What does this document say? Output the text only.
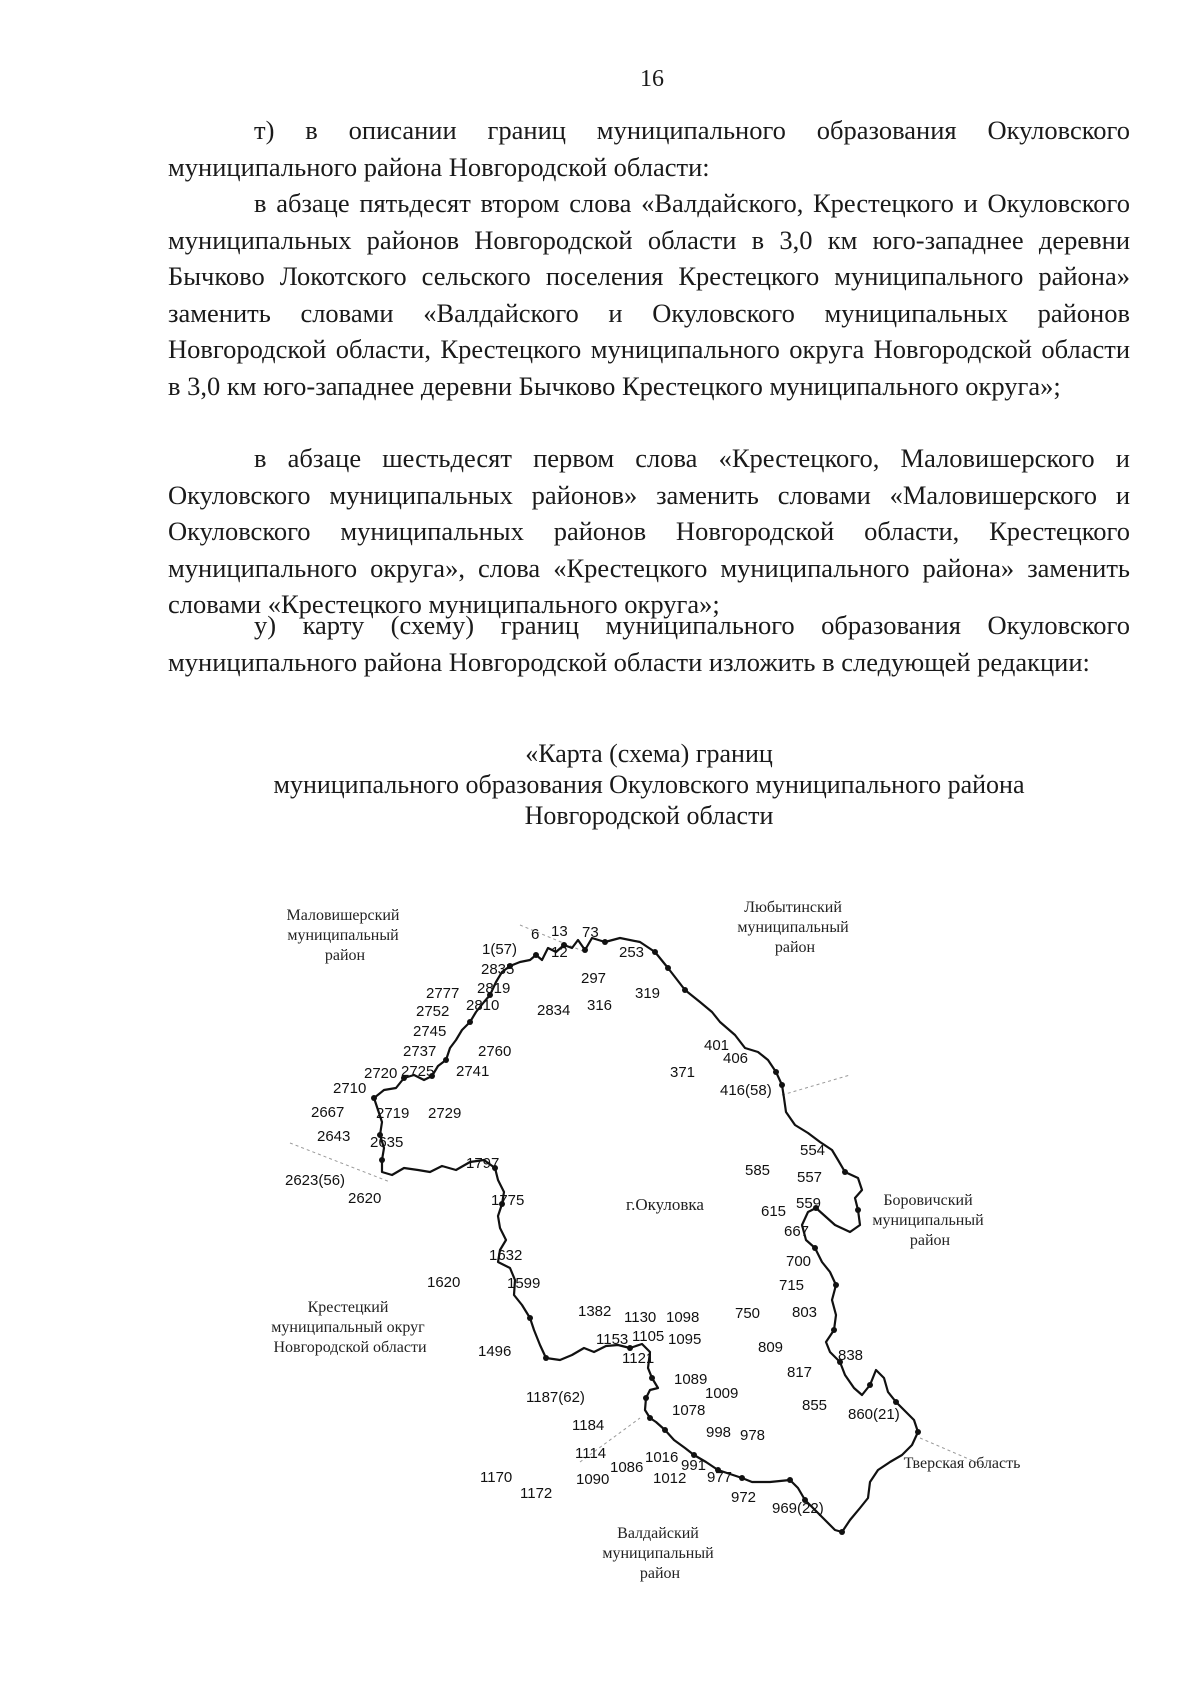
16

т) в описании границ муниципального образования Окуловского муниципального района Новгородской области:

в абзаце пятьдесят втором слова «Валдайского, Крестецкого и Окуловского муниципальных районов Новгородской области в 3,0 км юго-западнее деревни Бычково Локотского сельского поселения Крестецкого муниципального района» заменить словами «Валдайского и Окуловского муниципальных районов Новгородской области, Крестецкого муниципального округа Новгородской области в 3,0 км юго-западнее деревни Бычково Крестецкого муниципального округа»;

в абзаце шестьдесят первом слова «Крестецкого, Маловишерского и Окуловского муниципальных районов» заменить словами «Маловишерского и Окуловского муниципальных районов Новгородской области, Крестецкого муниципального округа», слова «Крестецкого муниципального района» заменить словами «Крестецкого муниципального округа»;

у) карту (схему) границ муниципального образования Окуловского муниципального района Новгородской области изложить в следующей редакции:

«Карта (схема) границ
муниципального образования Окуловского муниципального района
Новгородской области
Маловишерский муниципальный район
Любытинский муниципальный район
Боровичский муниципальный район
Крестецкий муниципальный округ Новгородской области
Валдайский муниципальный район
Тверская область
г.Окуловка
6 13 73
1(57) 12	253
2835
297
2819	319
2777
316
2810	2834
2752
2745
2760
2737	401
406
2741
2720 2725	371
416(58)
2710
2667 2719 2729
2643 2635	554
2623(56)
1797	585 557
2620	1775	559
615
667
1632	700
1620	1599	715
750 803
1382 1130 1098
1153 1105 1095
1496	809	838
1121
817
1089
1187(62)	1009
855
860(21)
1078
1184	998 978
1114	1016
1086	991
1170	1090	1012 977
1172	972
969(22)
